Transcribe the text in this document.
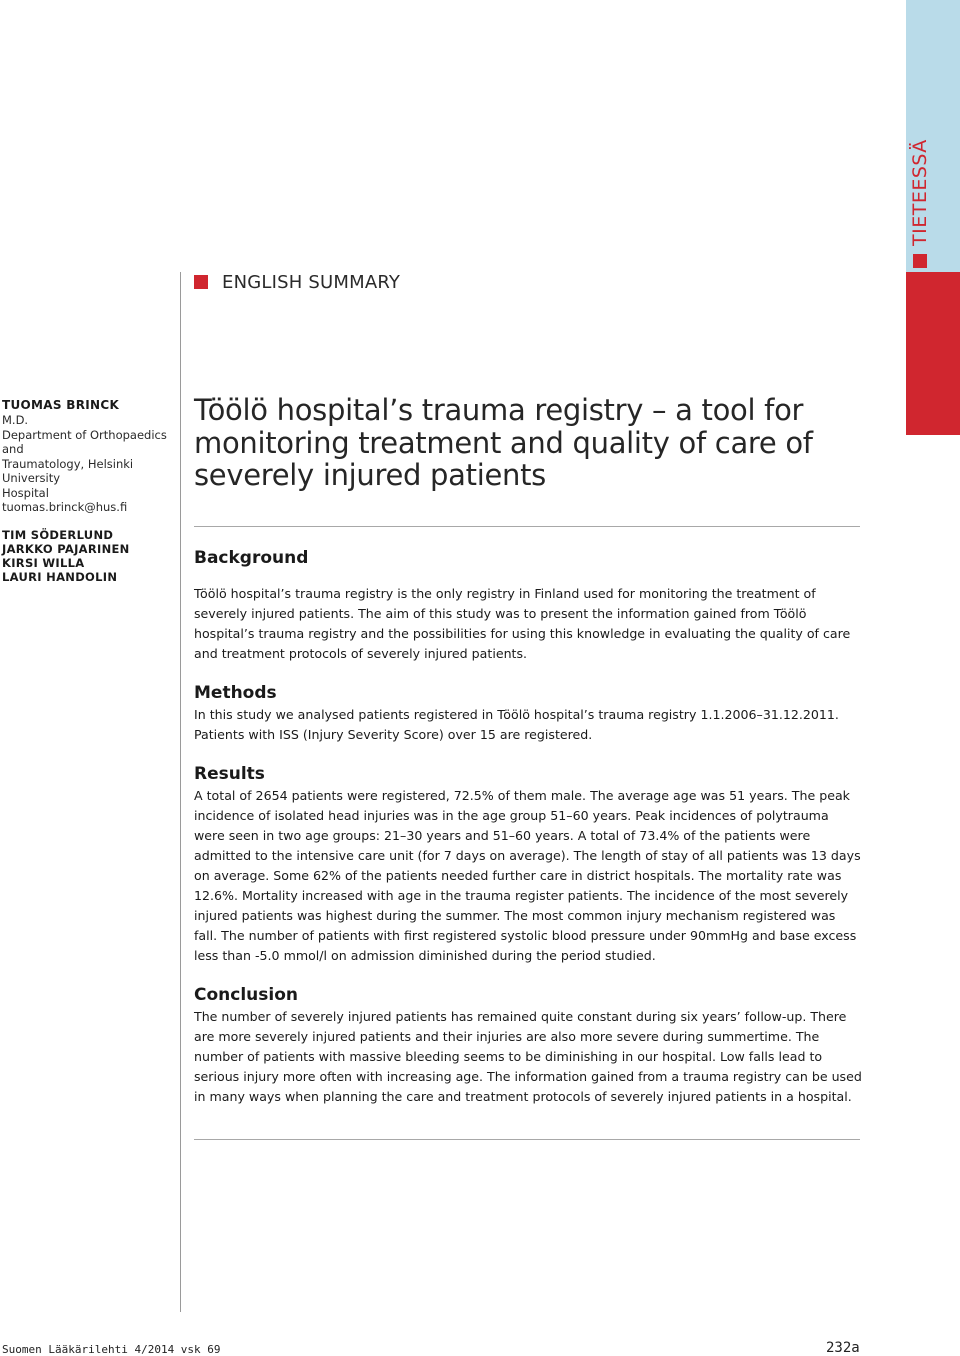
TIETEESSÄ
ENGLISH SUMMARY
TUOMAS BRINCK
M.D.
Department of Orthopaedics and
Traumatology, Helsinki University
Hospital
tuomas.brinck@hus.fi
TIM SÖDERLUND
JARKKO PAJARINEN
KIRSI WILLA
LAURI HANDOLIN
Töölö hospital’s trauma registry – a tool for monitoring treatment and quality of care of severely injured patients
Background

Töölö hospital’s trauma registry is the only registry in Finland used for monitoring the treatment of severely injured patients. The aim of this study was to present the information gained from Töölö hospital’s trauma registry and the possibilities for using this knowledge in evaluating the quality of care and treatment protocols of severely injured patients.

Methods

In this study we analysed patients registered in Töölö hospital’s trauma registry 1.1.2006–31.12.2011. Patients with ISS (Injury Severity Score) over 15 are registered.

Results

A total of 2654 patients were registered, 72.5% of them male. The average age was 51 years. The peak incidence of isolated head injuries was in the age group 51–60 years. Peak incidences of polytrauma were seen in two age groups: 21–30 years and 51–60 years. A total of 73.4% of the patients were admitted to the intensive care unit (for 7 days on average). The length of stay of all patients was 13 days on average. Some 62% of the patients needed further care in district hospitals. The mortality rate was 12.6%. Mortality increased with age in the trauma register patients. The incidence of the most severely injured patients was highest during the summer. The most common injury mechanism registered was fall. The number of patients with first registered systolic blood pressure under 90mmHg and base excess less than -5.0 mmol/l on admission diminished during the period studied.

Conclusion

The number of severely injured patients has remained quite constant during six years’ follow-up. There are more severely injured patients and their injuries are also more severe during summertime. The number of patients with massive bleeding seems to be diminishing in our hospital. Low falls lead to serious injury more often with increasing age. The information gained from a trauma registry can be used in many ways when planning the care and treatment protocols of severely injured patients in a hospital.

Suomen Lääkärilehti 4/2014 vsk 69	232a
